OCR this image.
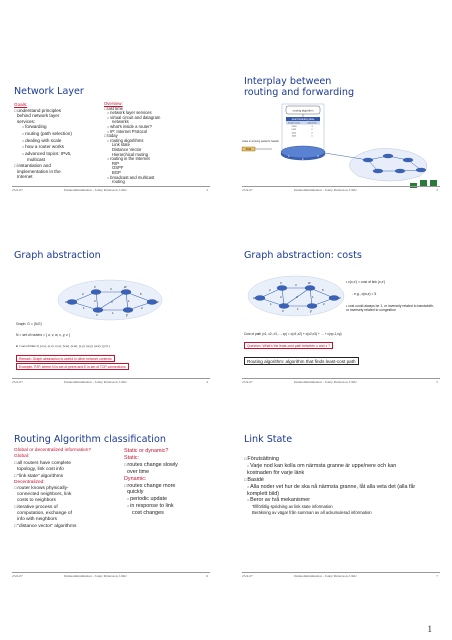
Network Layer
Goals:
□ understand principles
behind network layer
services:
○ forwarding
○ routing (path selection)
○ dealing with scale
○ how a router works
○ advanced topics: IPv6,
multicast
□ instantiation and
implementation in the
Internet
Overview:
□ last time
○ network layer services
○ virtual circuit and datagram
networks
○ what's inside a router?
○ IP: Internet Protocol
□ today
○ routing algorithms
Link state
Distance Vector
Hierarchical routing
○ routing in the Internet
RIP
OSPF
BGP
○ broadcast and multicast
routing
23-9-07	Datakommunikation - Jonny Pettersson, UmU	2
Interplay between routing and forwarding
routing algorithm
local forwarding table
header value	output link
0100	3
0101	2
0111	2
1001	1
value in arriving packet's header
0111
1
2
3
23-9-07	Datakommunikation - Jonny Pettersson, UmU	3
Graph abstraction
u
v
x
w
y
z
2
1
2
3
3
1
1
5
2
Graph: G = (N,E)
N = set of routers = { u, v, w, x, y, z }
E = set of links ={ (u,v), (u,x), (v,x), (v,w), (x,w), (x,y), (w,y), (w,z), (y,z) }
Remark: Graph abstraction is useful in other network contexts
Example: P2P, where N is set of peers and E is set of TCP connections
23-9-07	Datakommunikation - Jonny Pettersson, UmU	4
Graph abstraction: costs
u
v
x
w
y
z
2
1
2
3
3
1
1
5
2
• c(x,x') = cost of link (x,x')
- e.g., c(w,z) = 5
• cost could always be 1, or inversely related to bandwidth, or inversely related to congestion
Cost of path (x1, x2, x3,…, xp) = c(x1,x2) + c(x2,x3) + … + c(xp-1,xp)
Question: What's the least-cost path between u and z ?
Routing algorithm: algorithm that finds least-cost path
23-9-07	Datakommunikation - Jonny Pettersson, UmU	5
Routing Algorithm classification
Global or decentralized information?
Global:
□ all routers have complete
topology, link cost info
□ “link state” algorithms
Decentralized:
□ router knows physically-
connected neighbors, link
costs to neighbors
□ iterative process of
computation, exchange of
info with neighbors
□ “distance vector” algorithms
Static or dynamic?
Static:
□ routes change slowly
over time
Dynamic:
□ routes change more
quickly
○ periodic update
○ in response to link
cost changes
23-9-07	Datakommunikation - Jonny Pettersson, UmU	6
Link State
□ Förutsättning
○ Varje nod kan kolla om närmsta granne är uppe/nere och kan kostnaden för varje länk
□ Basidé
○ Alla noder vet hur de ska nå närmsta granne, låt alla veta det (alla får komplett bild)
○ Beror av två mekanismer
Tillförlitlig spridning av link state information
Beräkning av vägar från summan av all ackumulerad information
23-9-07	Datakommunikation - Jonny Pettersson, UmU	7
1
